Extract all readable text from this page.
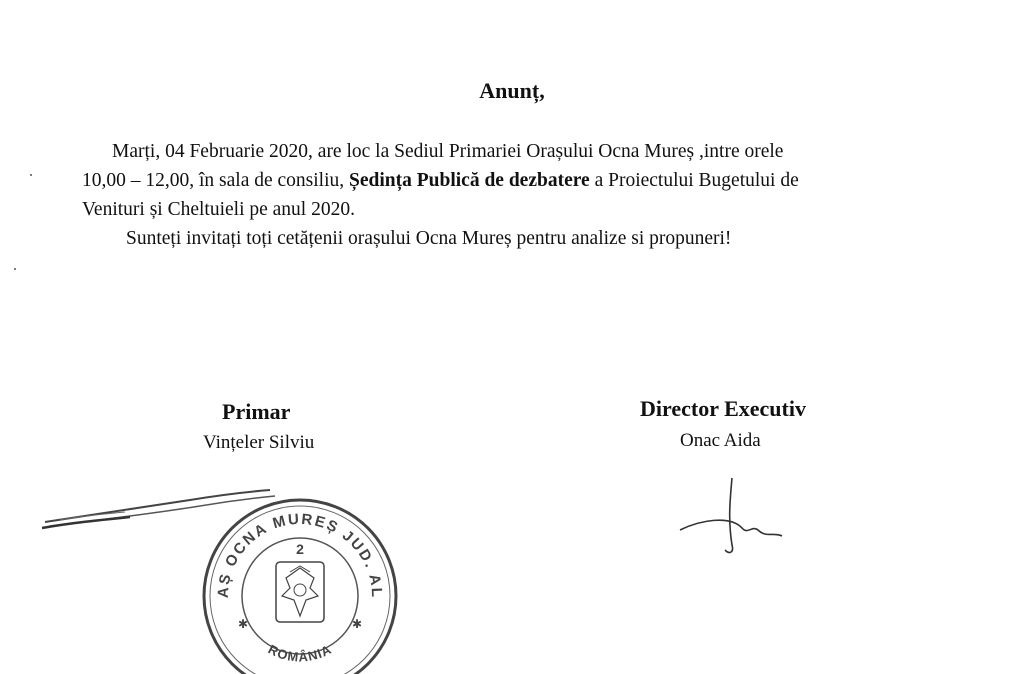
Anunț,

Marți, 04 Februarie 2020, are loc la Sediul Primariei Orașului Ocna Mureș ,intre orele

10,00 – 12,00, în sala de consiliu, Ședința Publică de dezbatere a Proiectului Bugetului de

Venituri și Cheltuieli pe anul 2020.

Sunteți invitați toți cetățenii orașului Ocna Mureș pentru analize si propuneri!

Primar
Vințeler Silviu
Director Executiv
Onac Aida
ORAȘ OCNA MUREȘ JUD. ALBA
ROMÂNIA
✱	✱
2
